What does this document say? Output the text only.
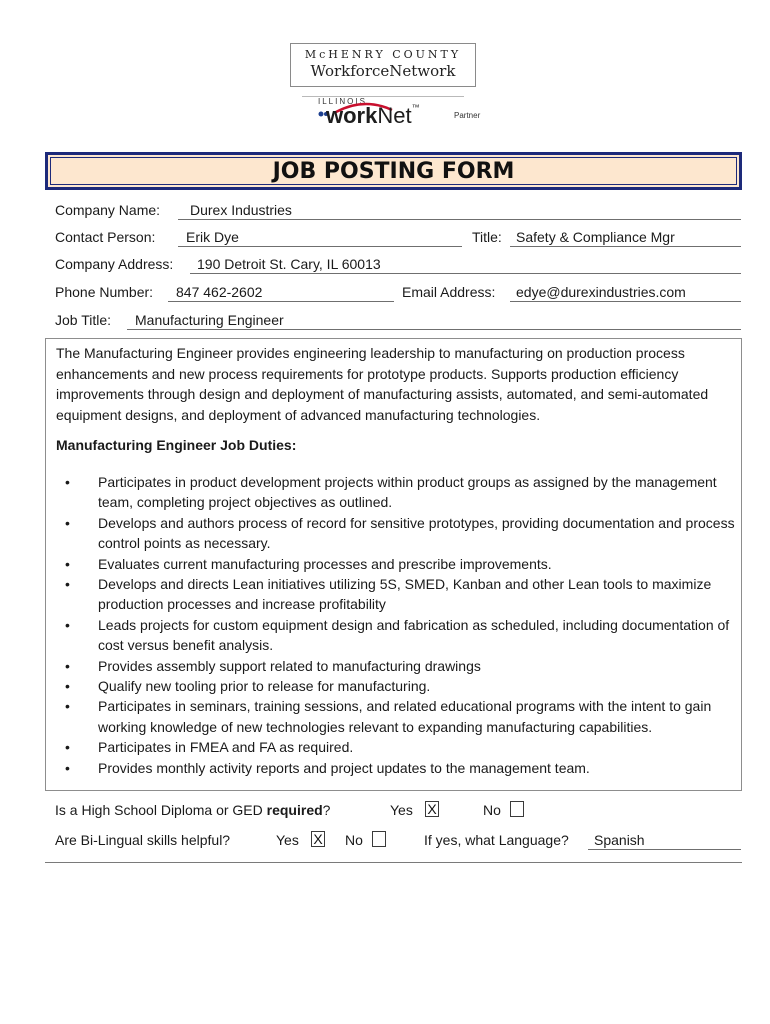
McHENRY COUNTY
WorkforceNetwork
ILLINOIS
workNet™
Partner
JOB POSTING FORM
Company Name: Durex Industries
Contact Person: Erik Dye	Title: Safety & Compliance Mgr
Company Address: 190 Detroit St. Cary, IL 60013
Phone Number: 847 462-2602	Email Address: edye@durexindustries.com
Job Title: Manufacturing Engineer
The Manufacturing Engineer provides engineering leadership to manufacturing on production process enhancements and new process requirements for prototype products. Supports production efficiency improvements through design and deployment of manufacturing assists, automated, and semi-automated equipment designs, and deployment of advanced manufacturing technologies.
Manufacturing Engineer Job Duties:
• Participates in product development projects within product groups as assigned by the management team, completing project objectives as outlined.
• Develops and authors process of record for sensitive prototypes, providing documentation and process control points as necessary.
• Evaluates current manufacturing processes and prescribe improvements.
• Develops and directs Lean initiatives utilizing 5S, SMED, Kanban and other Lean tools to maximize production processes and increase profitability
• Leads projects for custom equipment design and fabrication as scheduled, including documentation of cost versus benefit analysis.
• Provides assembly support related to manufacturing drawings
• Qualify new tooling prior to release for manufacturing.
• Participates in seminars, training sessions, and related educational programs with the intent to gain working knowledge of new technologies relevant to expanding manufacturing capabilities.
• Participates in FMEA and FA as required.
• Provides monthly activity reports and project updates to the management team.
Is a High School Diploma or GED required?	Yes X	No
Are Bi-Lingual skills helpful?	Yes X No	If yes, what Language? Spanish
